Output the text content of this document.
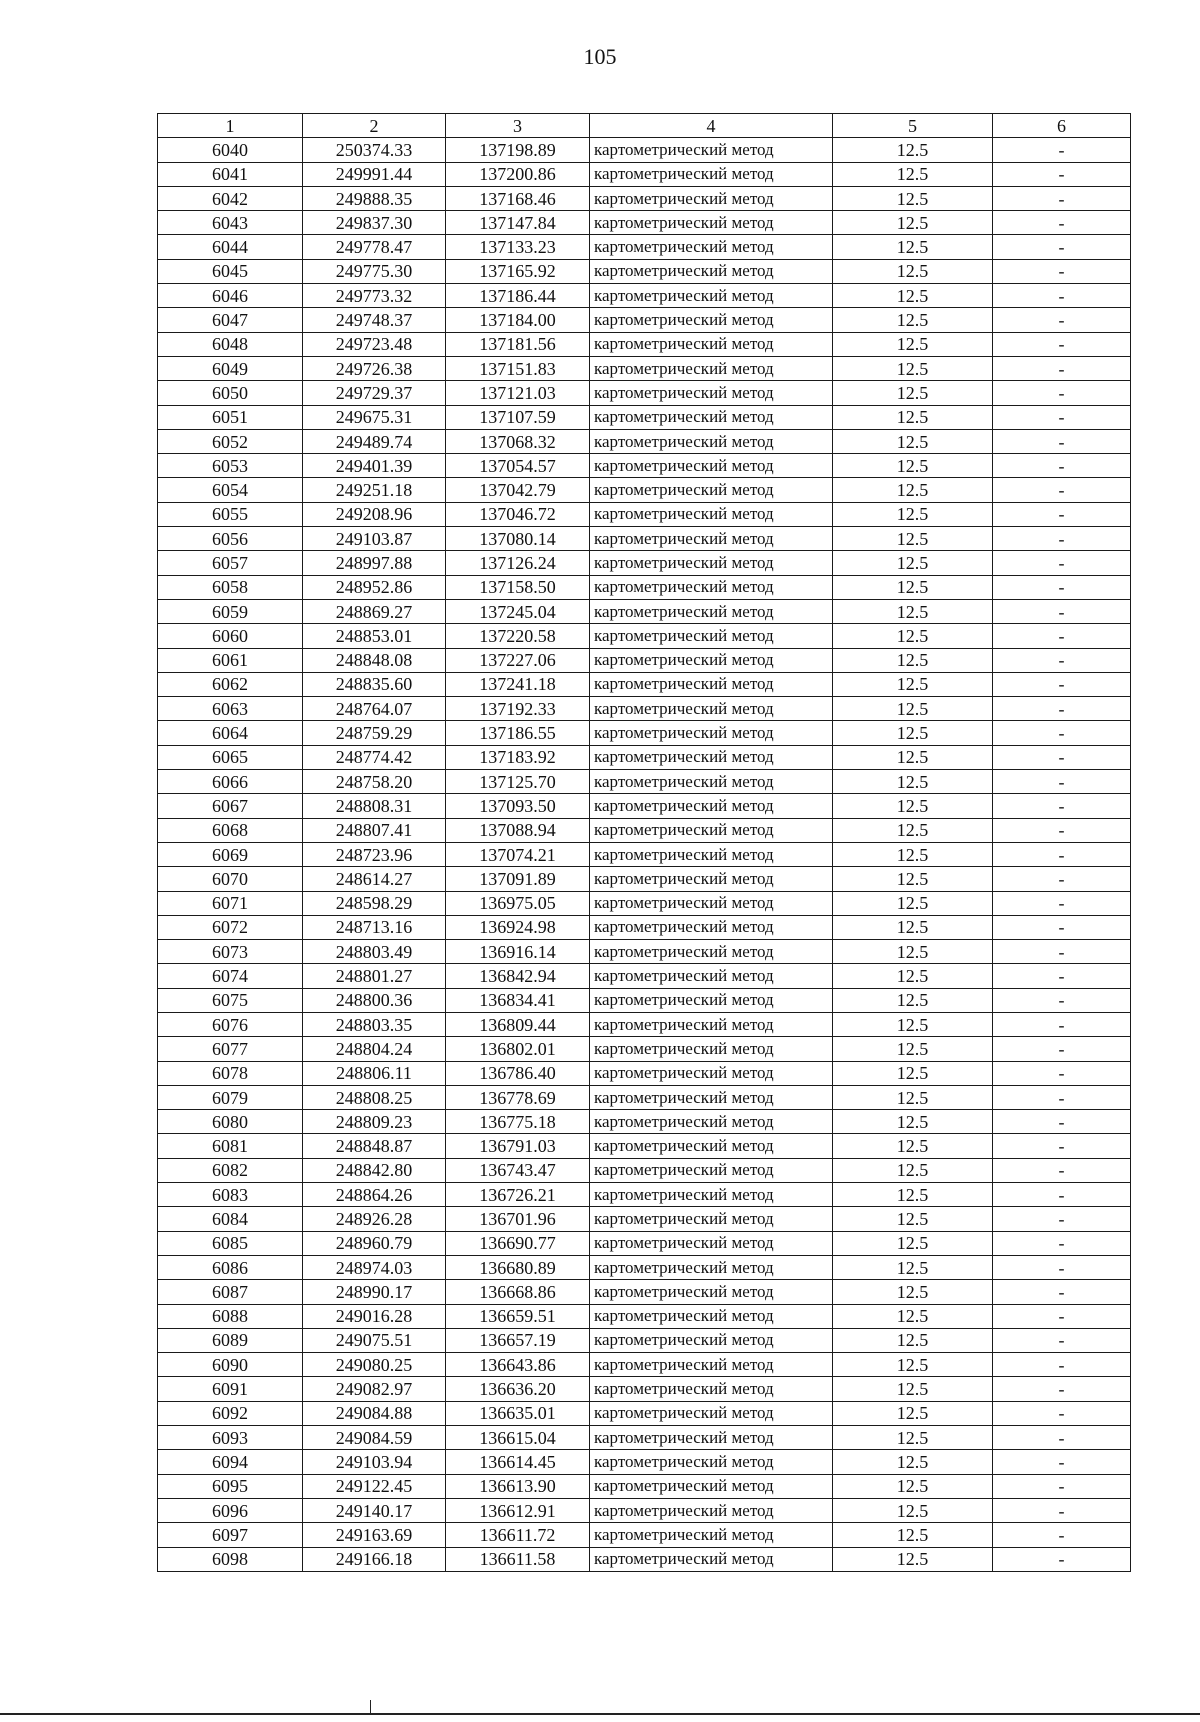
105
1	2	3	4	5	6
6040	250374.33	137198.89	картометрический метод	12.5	-
6041	249991.44	137200.86	картометрический метод	12.5	-
6042	249888.35	137168.46	картометрический метод	12.5	-
6043	249837.30	137147.84	картометрический метод	12.5	-
6044	249778.47	137133.23	картометрический метод	12.5	-
6045	249775.30	137165.92	картометрический метод	12.5	-
6046	249773.32	137186.44	картометрический метод	12.5	-
6047	249748.37	137184.00	картометрический метод	12.5	-
6048	249723.48	137181.56	картометрический метод	12.5	-
6049	249726.38	137151.83	картометрический метод	12.5	-
6050	249729.37	137121.03	картометрический метод	12.5	-
6051	249675.31	137107.59	картометрический метод	12.5	-
6052	249489.74	137068.32	картометрический метод	12.5	-
6053	249401.39	137054.57	картометрический метод	12.5	-
6054	249251.18	137042.79	картометрический метод	12.5	-
6055	249208.96	137046.72	картометрический метод	12.5	-
6056	249103.87	137080.14	картометрический метод	12.5	-
6057	248997.88	137126.24	картометрический метод	12.5	-
6058	248952.86	137158.50	картометрический метод	12.5	-
6059	248869.27	137245.04	картометрический метод	12.5	-
6060	248853.01	137220.58	картометрический метод	12.5	-
6061	248848.08	137227.06	картометрический метод	12.5	-
6062	248835.60	137241.18	картометрический метод	12.5	-
6063	248764.07	137192.33	картометрический метод	12.5	-
6064	248759.29	137186.55	картометрический метод	12.5	-
6065	248774.42	137183.92	картометрический метод	12.5	-
6066	248758.20	137125.70	картометрический метод	12.5	-
6067	248808.31	137093.50	картометрический метод	12.5	-
6068	248807.41	137088.94	картометрический метод	12.5	-
6069	248723.96	137074.21	картометрический метод	12.5	-
6070	248614.27	137091.89	картометрический метод	12.5	-
6071	248598.29	136975.05	картометрический метод	12.5	-
6072	248713.16	136924.98	картометрический метод	12.5	-
6073	248803.49	136916.14	картометрический метод	12.5	-
6074	248801.27	136842.94	картометрический метод	12.5	-
6075	248800.36	136834.41	картометрический метод	12.5	-
6076	248803.35	136809.44	картометрический метод	12.5	-
6077	248804.24	136802.01	картометрический метод	12.5	-
6078	248806.11	136786.40	картометрический метод	12.5	-
6079	248808.25	136778.69	картометрический метод	12.5	-
6080	248809.23	136775.18	картометрический метод	12.5	-
6081	248848.87	136791.03	картометрический метод	12.5	-
6082	248842.80	136743.47	картометрический метод	12.5	-
6083	248864.26	136726.21	картометрический метод	12.5	-
6084	248926.28	136701.96	картометрический метод	12.5	-
6085	248960.79	136690.77	картометрический метод	12.5	-
6086	248974.03	136680.89	картометрический метод	12.5	-
6087	248990.17	136668.86	картометрический метод	12.5	-
6088	249016.28	136659.51	картометрический метод	12.5	-
6089	249075.51	136657.19	картометрический метод	12.5	-
6090	249080.25	136643.86	картометрический метод	12.5	-
6091	249082.97	136636.20	картометрический метод	12.5	-
6092	249084.88	136635.01	картометрический метод	12.5	-
6093	249084.59	136615.04	картометрический метод	12.5	-
6094	249103.94	136614.45	картометрический метод	12.5	-
6095	249122.45	136613.90	картометрический метод	12.5	-
6096	249140.17	136612.91	картометрический метод	12.5	-
6097	249163.69	136611.72	картометрический метод	12.5	-
6098	249166.18	136611.58	картометрический метод	12.5	-
